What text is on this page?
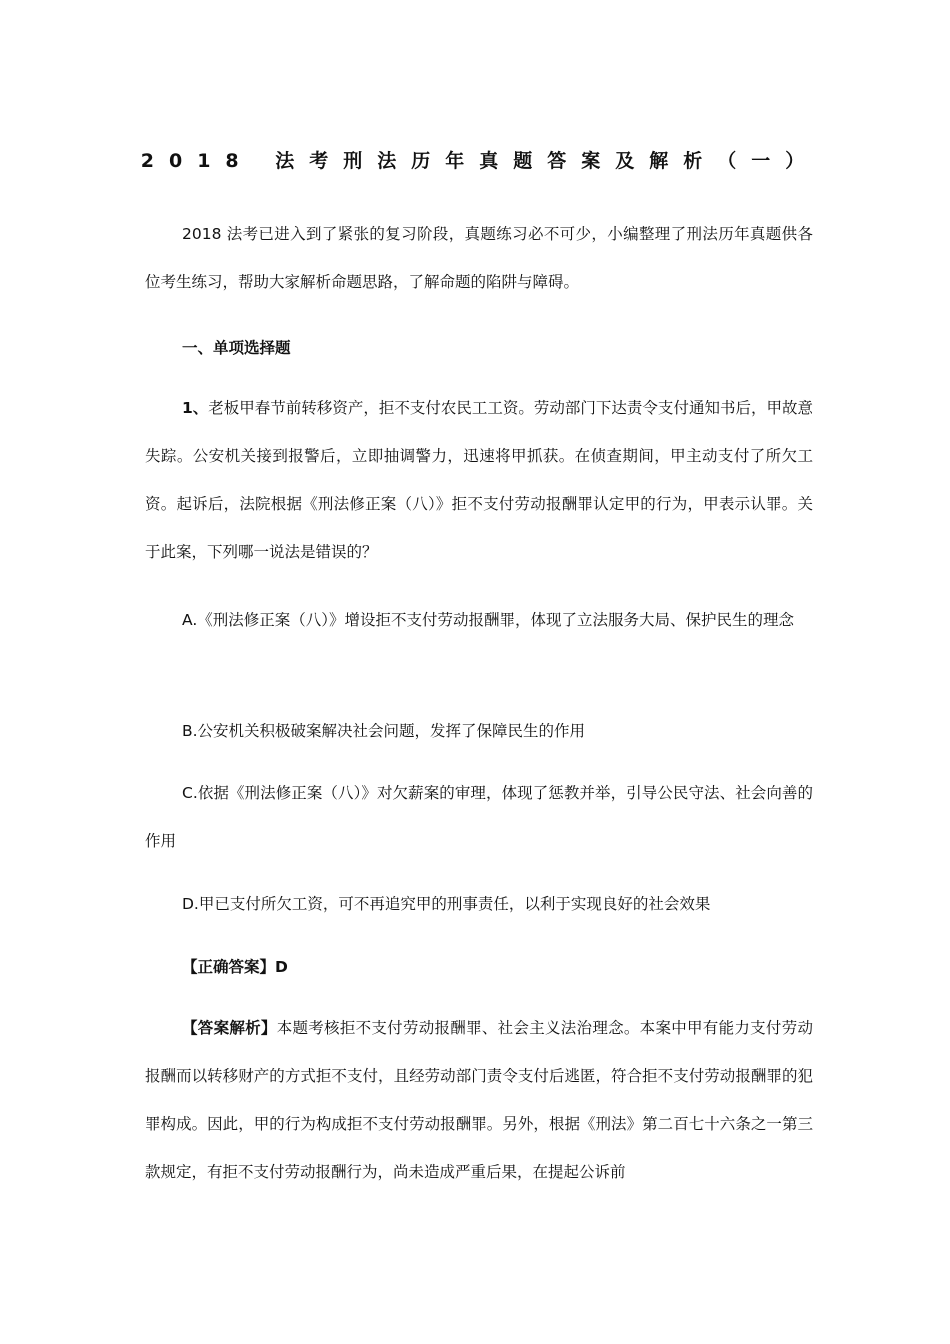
2018 法考刑法历年真题答案及解析（一）
2018 法考已进入到了紧张的复习阶段，真题练习必不可少，小编整理了刑法历年真题供各位考生练习，帮助大家解析命题思路，了解命题的陷阱与障碍。
一、单项选择题
1、老板甲春节前转移资产，拒不支付农民工工资。劳动部门下达责令支付通知书后，甲故意失踪。公安机关接到报警后，立即抽调警力，迅速将甲抓获。在侦查期间，甲主动支付了所欠工资。起诉后，法院根据《刑法修正案（八）》拒不支付劳动报酬罪认定甲的行为，甲表示认罪。关于此案，下列哪一说法是错误的？
A.《刑法修正案（八）》增设拒不支付劳动报酬罪，体现了立法服务大局、保护民生的理念
B.公安机关积极破案解决社会问题，发挥了保障民生的作用
C.依据《刑法修正案（八）》对欠薪案的审理，体现了惩教并举，引导公民守法、社会向善的作用
D.甲已支付所欠工资，可不再追究甲的刑事责任，以利于实现良好的社会效果
【正确答案】D
【答案解析】本题考核拒不支付劳动报酬罪、社会主义法治理念。本案中甲有能力支付劳动报酬而以转移财产的方式拒不支付，且经劳动部门责令支付后逃匿，符合拒不支付劳动报酬罪的犯罪构成。因此，甲的行为构成拒不支付劳动报酬罪。另外，根据《刑法》第二百七十六条之一第三款规定，有拒不支付劳动报酬行为，尚未造成严重后果，在提起公诉前
